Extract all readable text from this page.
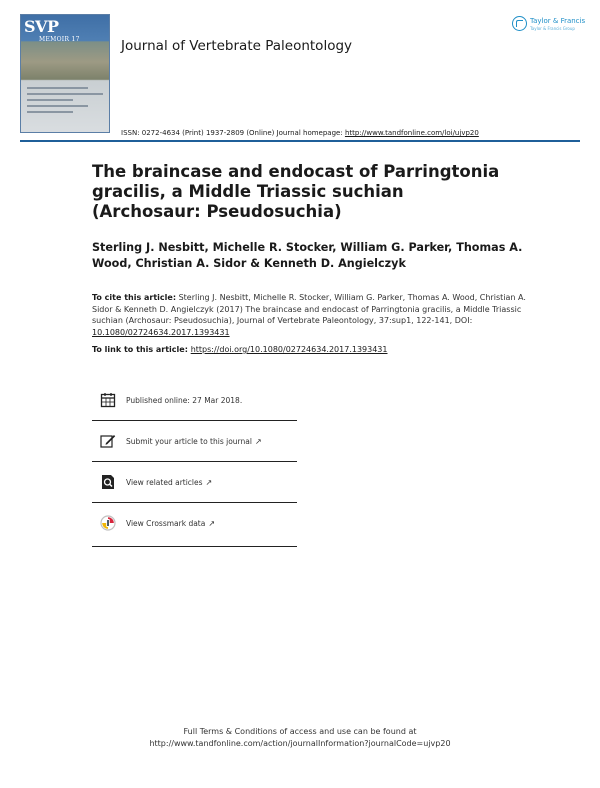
SVP
MEMOIR 17	Journal of Vertebrate Paleontology
Taylor & Francis
Taylor & Francis Group
ISSN: 0272-4634 (Print) 1937-2809 (Online) Journal homepage: http://www.tandfonline.com/loi/ujvp20
The braincase and endocast of Parringtonia gracilis, a Middle Triassic suchian (Archosaur: Pseudosuchia)
Sterling J. Nesbitt, Michelle R. Stocker, William G. Parker, Thomas A. Wood, Christian A. Sidor & Kenneth D. Angielczyk
To cite this article: Sterling J. Nesbitt, Michelle R. Stocker, William G. Parker, Thomas A. Wood, Christian A. Sidor & Kenneth D. Angielczyk (2017) The braincase and endocast of Parringtonia gracilis, a Middle Triassic suchian (Archosaur: Pseudosuchia), Journal of Vertebrate Paleontology, 37:sup1, 122-141, DOI: 10.1080/02724634.2017.1393431
To link to this article: https://doi.org/10.1080/02724634.2017.1393431
Published online: 27 Mar 2018.
Submit your article to this journal ↗
View related articles ↗
View Crossmark data ↗
Full Terms & Conditions of access and use can be found at
http://www.tandfonline.com/action/journalInformation?journalCode=ujvp20
